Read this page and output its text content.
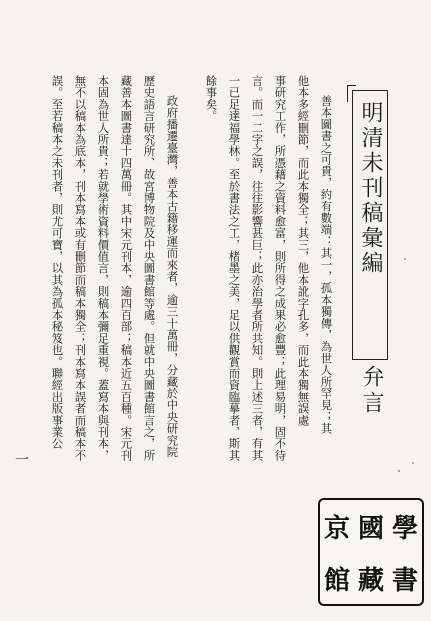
明清未刊稿彙編
弁言
善本圖書之可貴，約有數端：其一，孤本獨傳，為世人所罕見；其
他本多經刪節，而此本獨全；其三，他本訛字孔多，而此本獨無誤處
事研究工作，所憑藉之資料愈富，則所得之成果必愈豐；此理易明，固不待
言。而一二字之誤，往往影響甚巨；此亦治學者所共知。則上述三者，有其
一已足達福學林。至於書法之工，楮墨之美，足以供觀賞而資臨摹者，斯其
餘事矣。
政府播遷臺灣，善本古籍移運而來者，逾三十萬冊，分藏於中央研究院
歷史語言研究所、故宮博物院及中央圖書館等處。但就中央圖書館言之，所
藏善本圖書達十四萬冊。其中宋元刊本，逾四百部；稿本近五百種。宋元刊
本固為世人所貴；若就學術資料價值言，則稿本彌足重視。蓋寫本與刊本，
無不以稿本為底本，刊本寫本或有刪節而稿本獨全；刊本寫本誤者而稿本不
誤。至若稿本之未刊者，則尤可寶，以其為孤本秘笈也。聯經出版事業公
一
京 國 學
館 藏 書
